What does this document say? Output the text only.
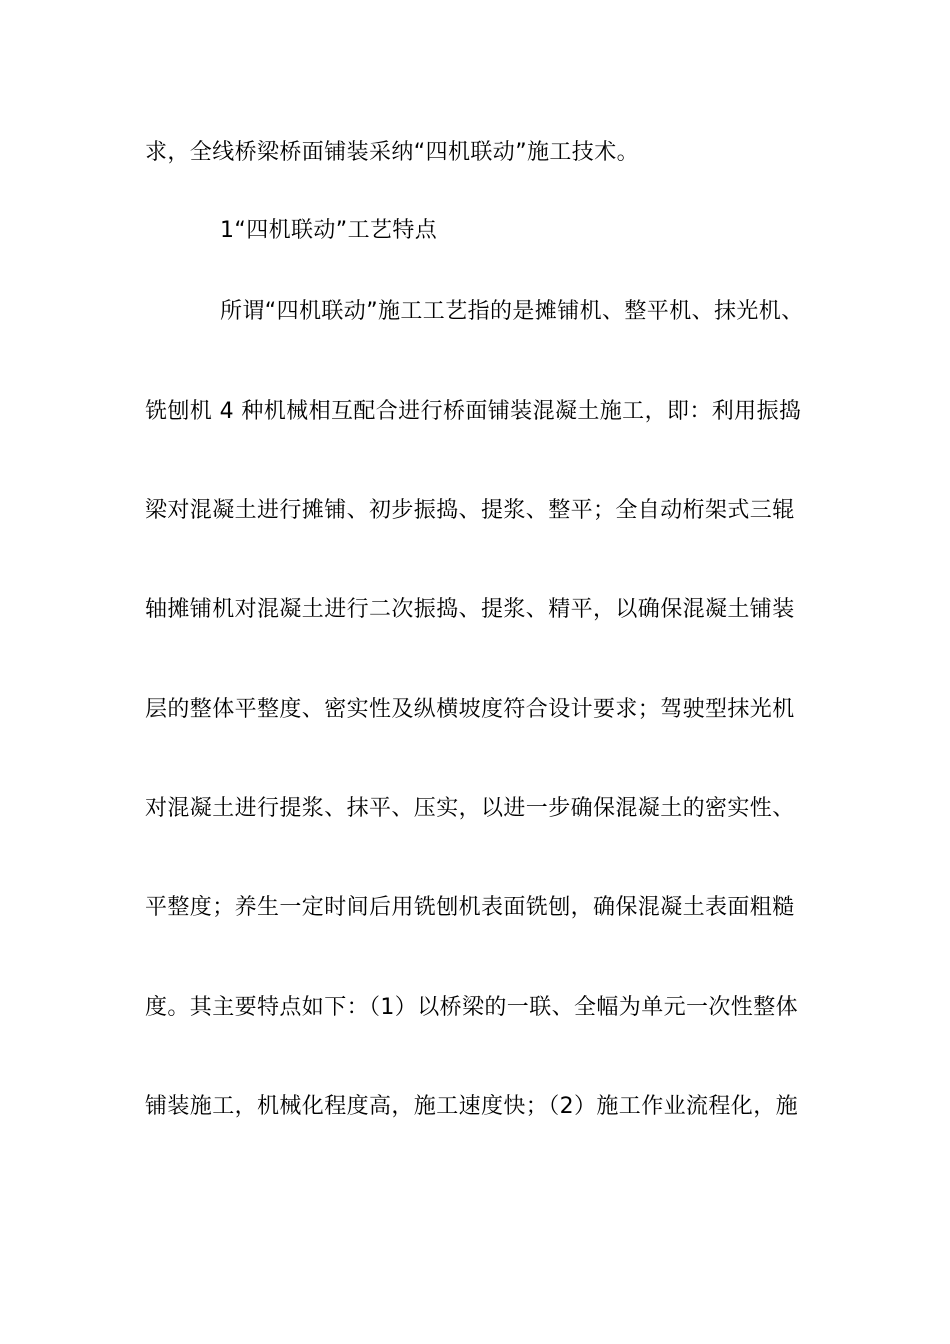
求，全线桥梁桥面铺装采纳“四机联动”施工技术。
1“四机联动”工艺特点
所谓“四机联动”施工工艺指的是摊铺机、整平机、抹光机、
铣刨机 4 种机械相互配合进行桥面铺装混凝土施工，即：利用振捣
梁对混凝土进行摊铺、初步振捣、提浆、整平；全自动桁架式三辊
轴摊铺机对混凝土进行二次振捣、提浆、精平，以确保混凝土铺装
层的整体平整度、密实性及纵横坡度符合设计要求；驾驶型抹光机
对混凝土进行提浆、抹平、压实，以进一步确保混凝土的密实性、
平整度；养生一定时间后用铣刨机表面铣刨，确保混凝土表面粗糙
度。其主要特点如下：（1）以桥梁的一联、全幅为单元一次性整体
铺装施工，机械化程度高，施工速度快；（2）施工作业流程化，施
